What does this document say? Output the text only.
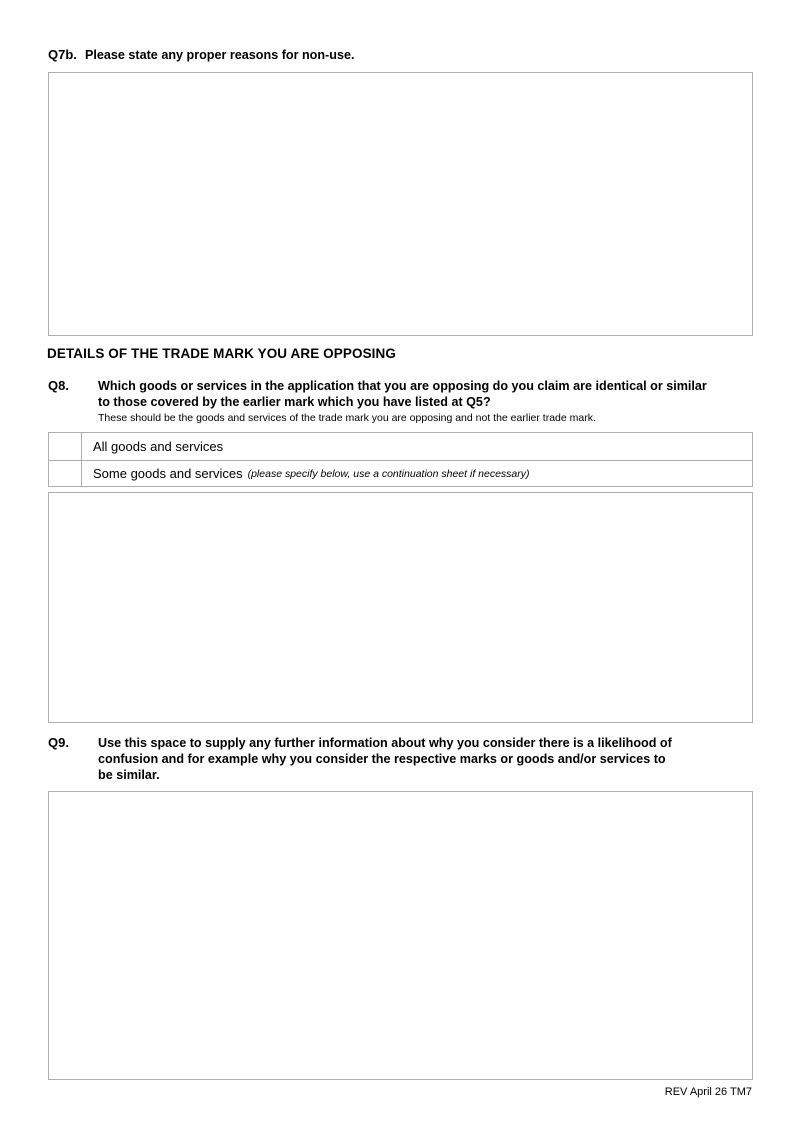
Q7b. Please state any proper reasons for non-use.
DETAILS OF THE TRADE MARK YOU ARE OPPOSING
Q8.	Which goods or services in the application that you are opposing do you claim are identical or similar
to those covered by the earlier mark which you have listed at Q5?
These should be the goods and services of the trade mark you are opposing and not the earlier trade mark.
All goods and services
Some goods and services (please specify below, use a continuation sheet if necessary)
Q9.	Use this space to supply any further information about why you consider there is a likelihood of
confusion and for example why you consider the respective marks or goods and/or services to
be similar.
REV April 26 TM7
